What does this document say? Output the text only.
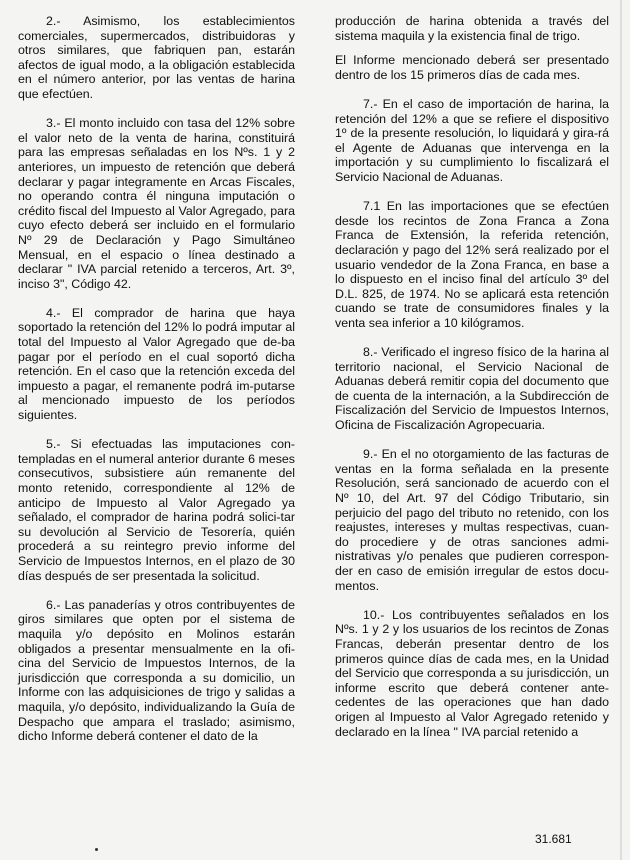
2.- Asimismo, los establecimientos comerciales, supermercados, distribuidoras y otros similares, que fabriquen pan, estarán afectos de igual modo, a la obligación establecida en el número anterior, por las ventas de harina que efectúen.

3.- El monto incluido con tasa del 12% sobre el valor neto de la venta de harina, constituirá para las empresas señaladas en los Nºs. 1 y 2 anteriores, un impuesto de retención que deberá declarar y pagar integramente en Arcas Fiscales, no operando contra él ninguna imputación o crédito fiscal del Impuesto al Valor Agregado, para cuyo efecto deberá ser incluido en el formulario Nº 29 de Declaración y Pago Simultáneo Mensual, en el espacio o línea destinado a declarar " IVA parcial retenido a terceros, Art. 3º, inciso 3", Código 42.

4.- El comprador de harina que haya soportado la retención del 12% lo podrá imputar al total del Impuesto al Valor Agregado que de-ba pagar por el período en el cual soportó dicha retención. En el caso que la retención exceda del impuesto a pagar, el remanente podrá im-putarse al mencionado impuesto de los períodos siguientes.

5.- Si efectuadas las imputaciones con-templadas en el numeral anterior durante 6 meses consecutivos, subsistiere aún remanente del monto retenido, correspondiente al 12% de anticipo de Impuesto al Valor Agregado ya señalado, el comprador de harina podrá solici-tar su devolución al Servicio de Tesorería, quién procederá a su reintegro previo informe del Servicio de Impuestos Internos, en el plazo de 30 días después de ser presentada la solicitud.

6.- Las panaderías y otros contribuyentes de giros similares que opten por el sistema de maquila y/o depósito en Molinos estarán obligados a presentar mensualmente en la ofi-cina del Servicio de Impuestos Internos, de la jurisdicción que corresponda a su domicilio, un Informe con las adquisiciones de trigo y salidas a maquila, y/o depósito, individualizando la Guía de Despacho que ampara el traslado; asimismo, dicho Informe deberá contener el dato de la

producción de harina obtenida a través del sistema maquila y la existencia final de trigo.

El Informe mencionado deberá ser presentado dentro de los 15 primeros días de cada mes.

7.- En el caso de importación de harina, la retención del 12% a que se refiere el dispositivo 1º de la presente resolución, lo liquidará y gira-rá el Agente de Aduanas que intervenga en la importación y su cumplimiento lo fiscalizará el Servicio Nacional de Aduanas.

7.1 En las importaciones que se efectúen desde los recintos de Zona Franca a Zona Franca de Extensión, la referida retención, declaración y pago del 12% será realizado por el usuario vendedor de la Zona Franca, en base a lo dispuesto en el inciso final del artículo 3º del D.L. 825, de 1974. No se aplicará esta retención cuando se trate de consumidores finales y la venta sea inferior a 10 kilógramos.

8.- Verificado el ingreso físico de la harina al territorio nacional, el Servicio Nacional de Aduanas deberá remitir copia del documento que de cuenta de la internación, a la Subdirección de Fiscalización del Servicio de Impuestos Internos, Oficina de Fiscalización Agropecuaria.

9.- En el no otorgamiento de las facturas de ventas en la forma señalada en la presente Resolución, será sancionado de acuerdo con el Nº 10, del Art. 97 del Código Tributario, sin perjuicio del pago del tributo no retenido, con los reajustes, intereses y multas respectivas, cuan-do procediere y de otras sanciones admi-nistrativas y/o penales que pudieren correspon-der en caso de emisión irregular de estos docu-mentos.

10.- Los contribuyentes señalados en los Nºs. 1 y 2 y los usuarios de los recintos de Zonas Francas, deberán presentar dentro de los primeros quince días de cada mes, en la Unidad del Servicio que corresponda a su jurisdicción, un informe escrito que deberá contener ante-cedentes de las operaciones que han dado origen al Impuesto al Valor Agregado retenido y declarado en la línea " IVA parcial retenido a

31.681
